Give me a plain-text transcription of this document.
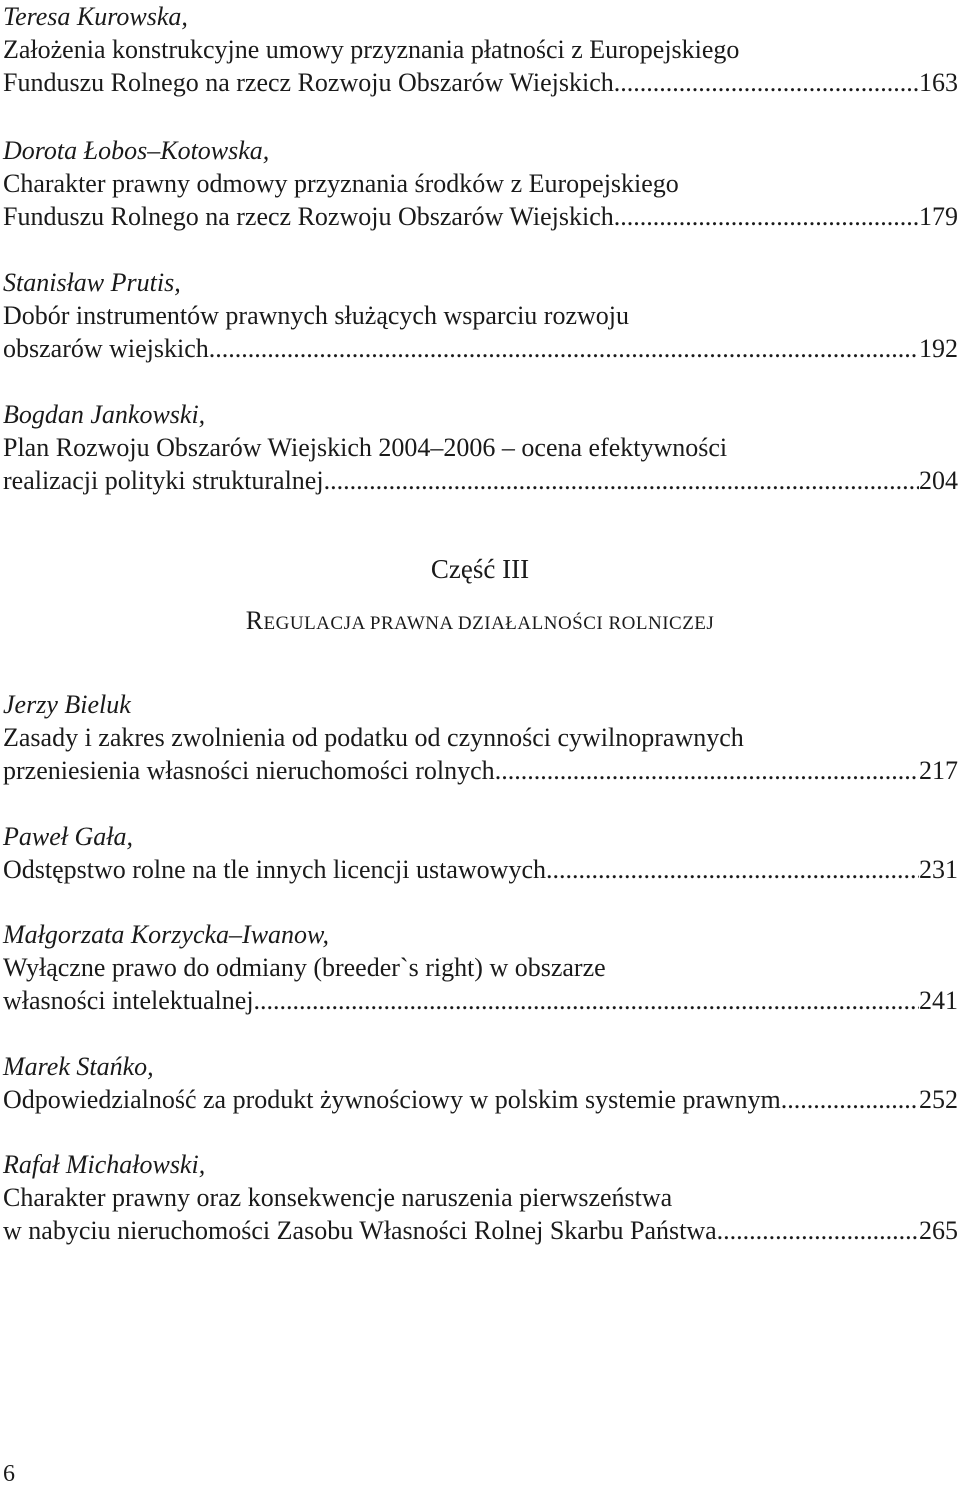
Teresa Kurowska,
Założenia konstrukcyjne umowy przyznania płatności z Europejskiego
Funduszu Rolnego na rzecz Rozwoju Obszarów Wiejskich .....	163
Dorota Łobos–Kotowska,
Charakter prawny odmowy przyznania środków z Europejskiego
Funduszu Rolnego na rzecz Rozwoju Obszarów Wiejskich .....	179
Stanisław Prutis,
Dobór instrumentów prawnych służących wsparciu rozwoju
obszarów wiejskich .....	192
Bogdan Jankowski,
Plan Rozwoju Obszarów Wiejskich 2004–2006 – ocena efektywności
realizacji polityki strukturalnej .....	204
Część III
REGULACJA PRAWNA DZIAŁALNOŚCI ROLNICZEJ
Jerzy Bieluk
Zasady i zakres zwolnienia od podatku od czynności cywilnoprawnych
przeniesienia własności nieruchomości rolnych .....	217
Paweł Gała,
Odstępstwo rolne na tle innych licencji ustawowych .....	231
Małgorzata Korzycka–Iwanow,
Wyłączne prawo do odmiany (breeder`s right) w obszarze
własności intelektualnej .....	241
Marek Stańko,
Odpowiedzialność za produkt żywnościowy w polskim systemie prawnym .....	252
Rafał Michałowski,
Charakter prawny oraz konsekwencje naruszenia pierwszeństwa
w nabyciu nieruchomości Zasobu Własności Rolnej Skarbu Państwa .....	265
6
